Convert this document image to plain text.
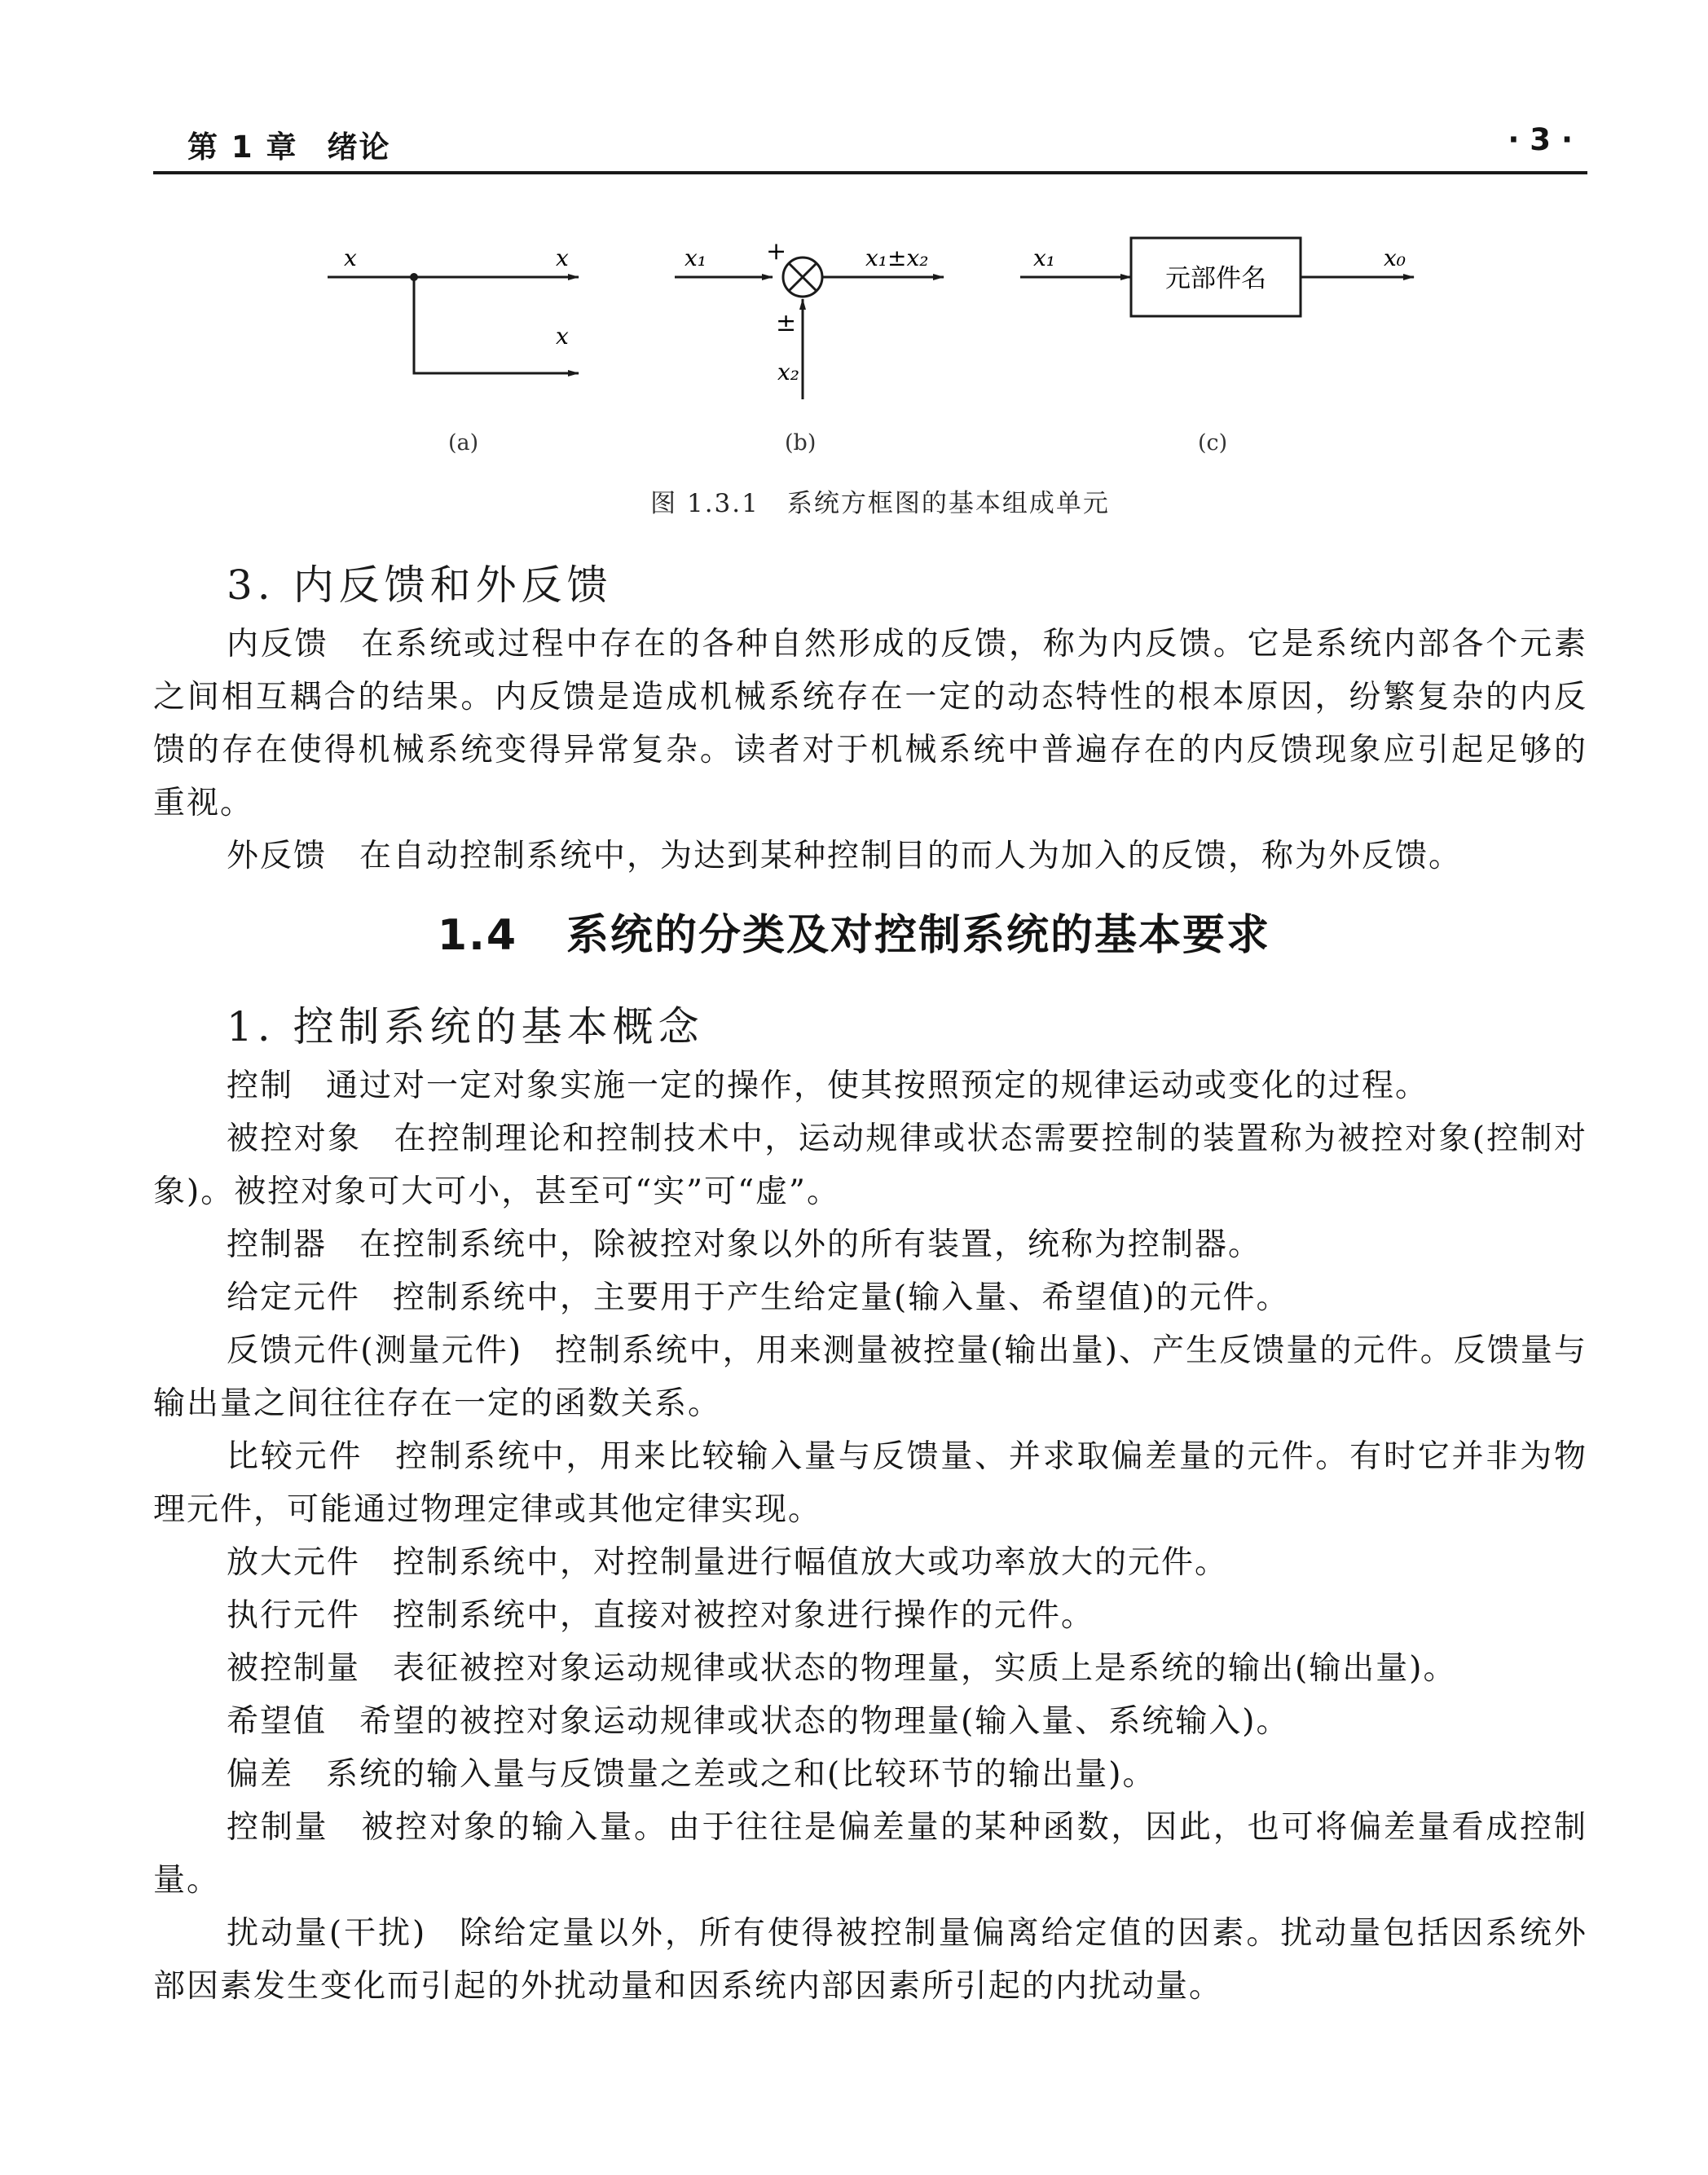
第 1 章 绪论	· 3 ·
x	x
x
x₁ +	x₁±x₂
±
x₂
x₁
元部件名
x₀
(a)	(b)	(c)
图 1.3.1 系统方框图的基本组成单元
3. 内反馈和外反馈
内反馈 在系统或过程中存在的各种自然形成的反馈，称为内反馈。它是系统内部各个元素之间相互耦合的结果。内反馈是造成机械系统存在一定的动态特性的根本原因，纷繁复杂的内反馈的存在使得机械系统变得异常复杂。读者对于机械系统中普遍存在的内反馈现象应引起足够的重视。
外反馈 在自动控制系统中，为达到某种控制目的而人为加入的反馈，称为外反馈。
1.4 系统的分类及对控制系统的基本要求
1. 控制系统的基本概念
控制 通过对一定对象实施一定的操作，使其按照预定的规律运动或变化的过程。
被控对象 在控制理论和控制技术中，运动规律或状态需要控制的装置称为被控对象(控制对象)。被控对象可大可小，甚至可“实”可“虚”。
控制器 在控制系统中，除被控对象以外的所有装置，统称为控制器。
给定元件 控制系统中，主要用于产生给定量(输入量、希望值)的元件。
反馈元件(测量元件) 控制系统中，用来测量被控量(输出量)、产生反馈量的元件。反馈量与输出量之间往往存在一定的函数关系。
比较元件 控制系统中，用来比较输入量与反馈量、并求取偏差量的元件。有时它并非为物理元件，可能通过物理定律或其他定律实现。
放大元件 控制系统中，对控制量进行幅值放大或功率放大的元件。
执行元件 控制系统中，直接对被控对象进行操作的元件。
被控制量 表征被控对象运动规律或状态的物理量，实质上是系统的输出(输出量)。
希望值 希望的被控对象运动规律或状态的物理量(输入量、系统输入)。
偏差 系统的输入量与反馈量之差或之和(比较环节的输出量)。
控制量 被控对象的输入量。由于往往是偏差量的某种函数，因此，也可将偏差量看成控制量。
扰动量(干扰) 除给定量以外，所有使得被控制量偏离给定值的因素。扰动量包括因系统外部因素发生变化而引起的外扰动量和因系统内部因素所引起的内扰动量。
